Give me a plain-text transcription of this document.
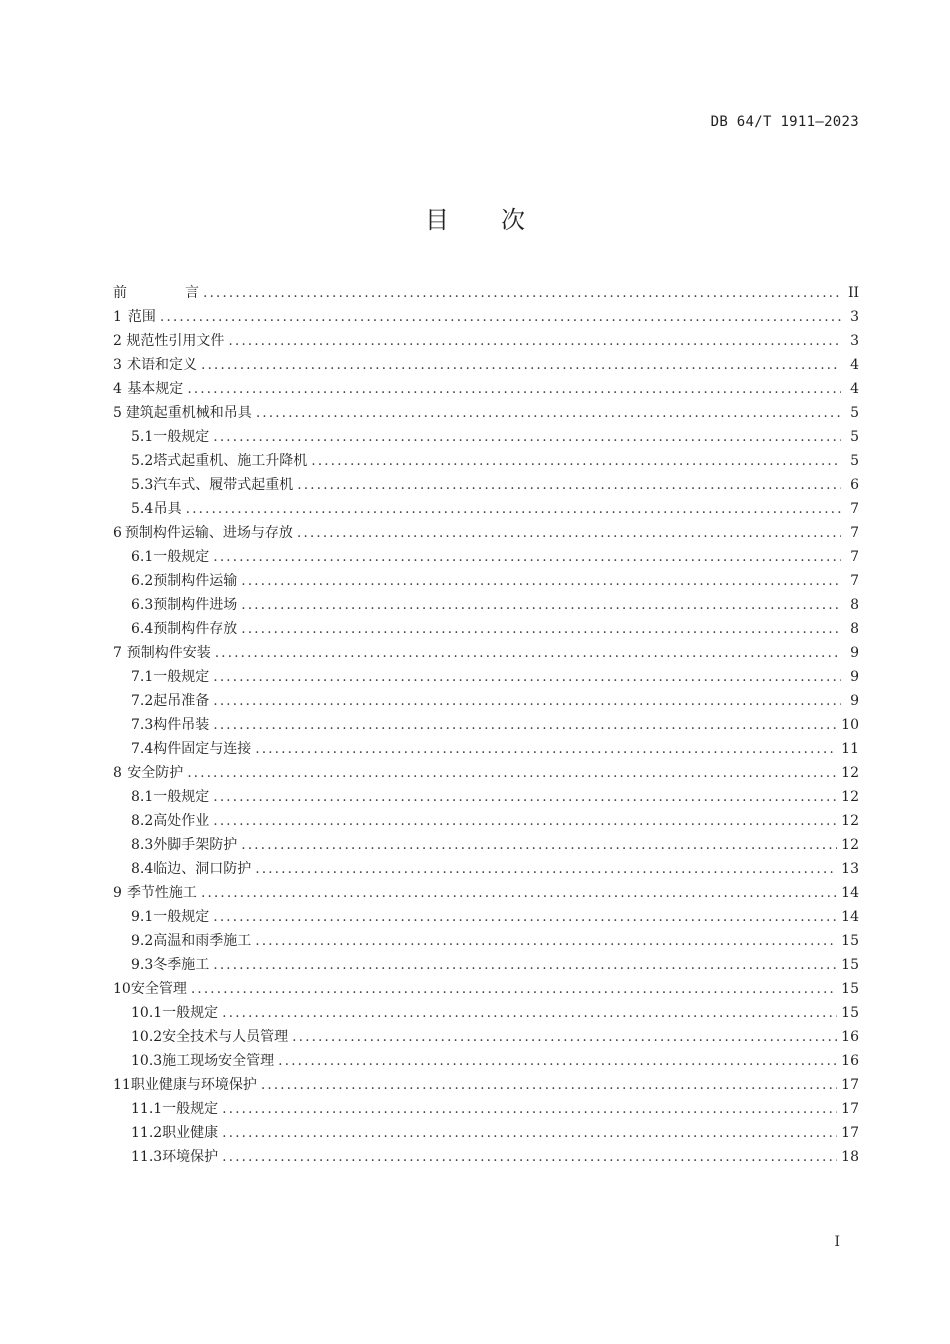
DB 64/T 1911—2023
目 次
前	言 .....	II
1 范围 .....	3
2 规范性引用文件 .....	3
3 术语和定义 .....	4
4 基本规定 .....	4
5 建筑起重机械和吊具 .....	5
5.1 一般规定 .....	5
5.2 塔式起重机、施工升降机 .....	5
5.3 汽车式、履带式起重机 .....	6
5.4 吊具 .....	7
6 预制构件运输、进场与存放 .....	7
6.1 一般规定 .....	7
6.2 预制构件运输 .....	7
6.3 预制构件进场 .....	8
6.4 预制构件存放 .....	8
7 预制构件安装 .....	9
7.1 一般规定 .....	9
7.2 起吊准备 .....	9
7.3 构件吊装 .....	10
7.4 构件固定与连接 .....	11
8 安全防护 .....	12
8.1 一般规定 .....	12
8.2 高处作业 .....	12
8.3 外脚手架防护 .....	12
8.4 临边、洞口防护 .....	13
9 季节性施工 .....	14
9.1 一般规定 .....	14
9.2 高温和雨季施工 .....	15
9.3 冬季施工 .....	15
10 安全管理 .....	15
10.1 一般规定 .....	15
10.2 安全技术与人员管理 .....	16
10.3 施工现场安全管理 .....	16
11 职业健康与环境保护 .....	17
11.1 一般规定 .....	17
11.2 职业健康 .....	17
11.3 环境保护 .....	18
I
